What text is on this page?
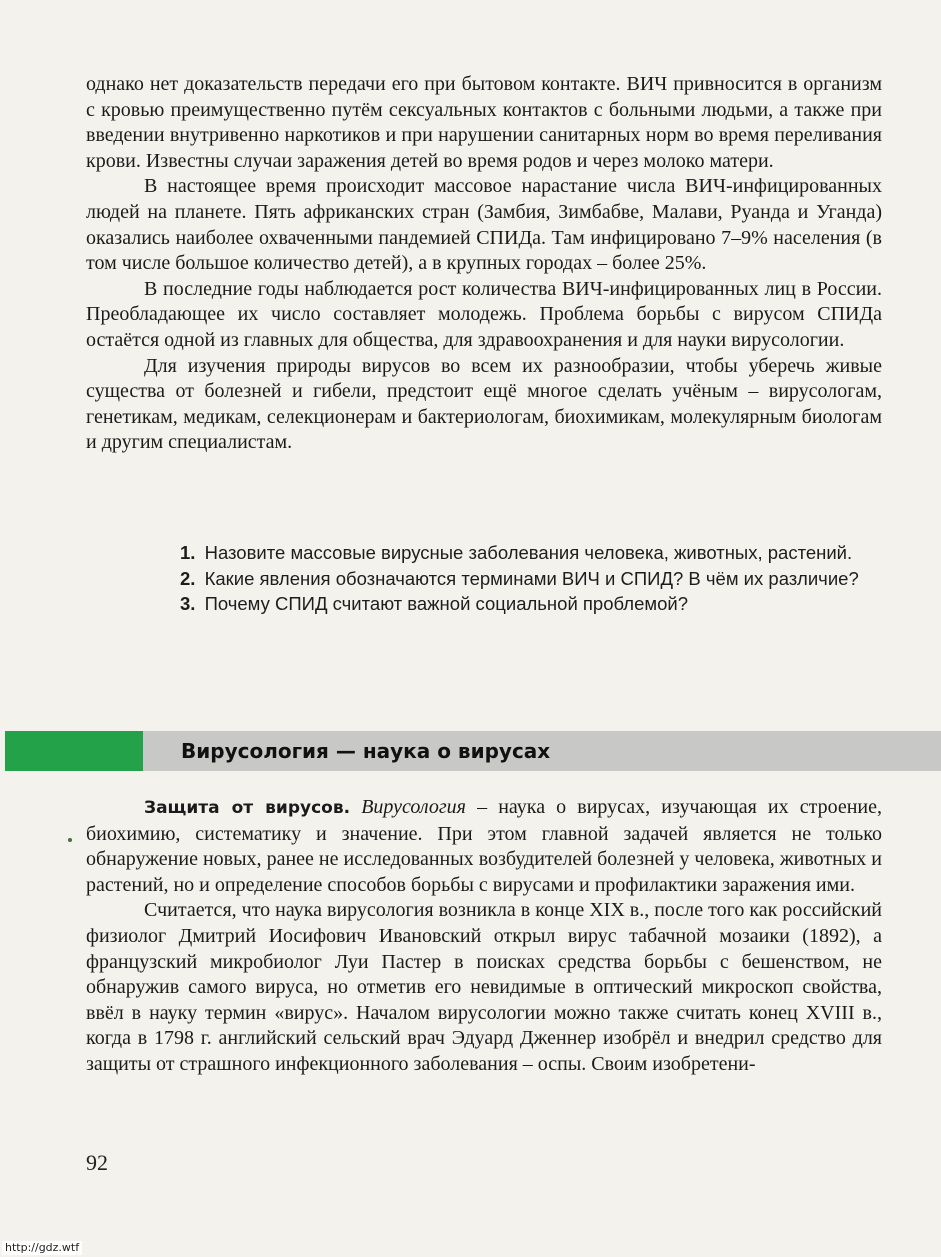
однако нет доказательств передачи его при бытовом контакте. ВИЧ привносится в организм с кровью преимущественно путём сексуальных контактов с больными людьми, а также при введении внутривенно наркотиков и при нарушении санитарных норм во время переливания крови. Известны случаи заражения детей во время родов и через молоко матери.

В настоящее время происходит массовое нарастание числа ВИЧ-инфицированных людей на планете. Пять африканских стран (Замбия, Зимбабве, Малави, Руанда и Уганда) оказались наиболее охваченными пандемией СПИДа. Там инфицировано 7–9% населения (в том числе большое количество детей), а в крупных городах – более 25%.

В последние годы наблюдается рост количества ВИЧ-инфицированных лиц в России. Преобладающее их число составляет молодежь. Проблема борьбы с вирусом СПИДа остаётся одной из главных для общества, для здравоохранения и для науки вирусологии.

Для изучения природы вирусов во всем их разнообразии, чтобы уберечь живые существа от болезней и гибели, предстоит ещё многое сделать учёным – вирусологам, генетикам, медикам, селекционерам и бактериологам, биохимикам, молекулярным биологам и другим специалистам.

1. Назовите массовые вирусные заболевания человека, животных, растений.
2. Какие явления обозначаются терминами ВИЧ и СПИД? В чём их различие?
3. Почему СПИД считают важной социальной проблемой?
Вирусология — наука о вирусах

Защита от вирусов. Вирусология – наука о вирусах, изучающая их строение, биохимию, систематику и значение. При этом главной задачей является не только обнаружение новых, ранее не исследованных возбудителей болезней у человека, животных и растений, но и определение способов борьбы с вирусами и профилактики заражения ими.

Считается, что наука вирусология возникла в конце XIX в., после того как российский физиолог Дмитрий Иосифович Ивановский открыл вирус табачной мозаики (1892), а французский микробиолог Луи Пастер в поисках средства борьбы с бешенством, не обнаружив самого вируса, но отметив его невидимые в оптический микроскоп свойства, ввёл в науку термин «вирус». Началом вирусологии можно также считать конец XVIII в., когда в 1798 г. английский сельский врач Эдуард Дженнер изобрёл и внедрил средство для защиты от страшного инфекционного заболевания – оспы. Своим изобретени-

92
http://gdz.wtf
